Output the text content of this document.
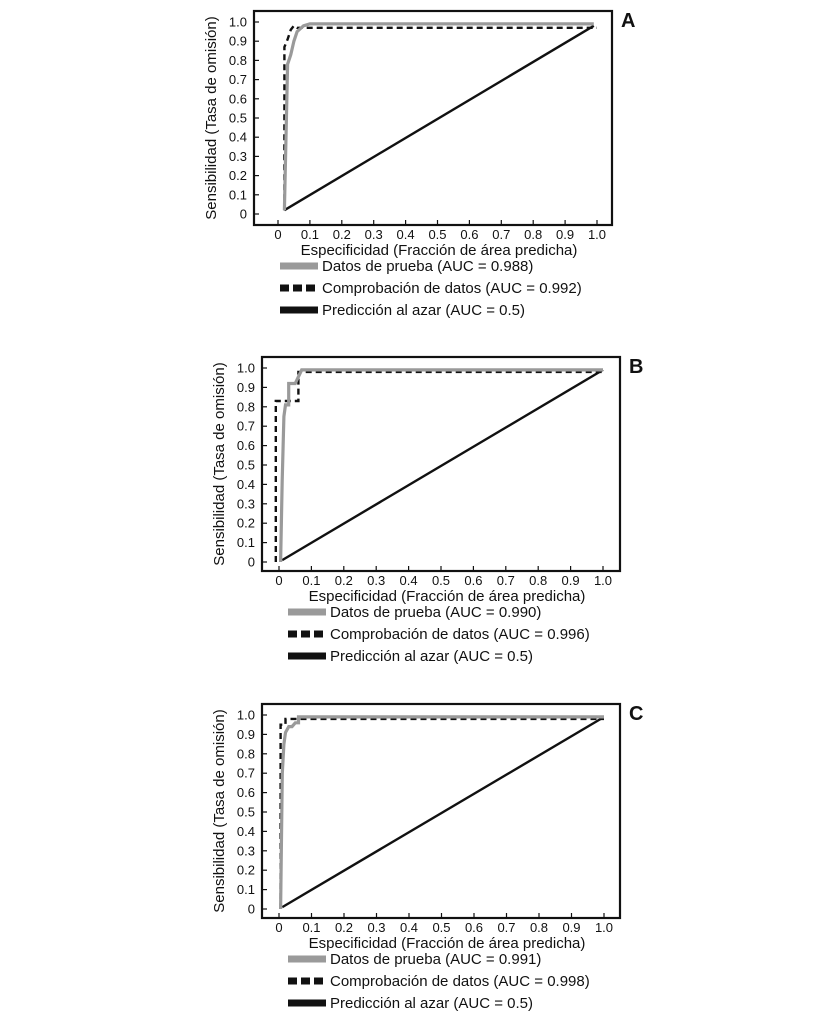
A
0 0.1 0.2 0.3 0.4 0.5 0.6 0.7 0.8 0.9 1.0
0
0.1
0.2
0.3
0.4
0.5
0.6
0.7
0.8
0.9
1.0
Especificidad (Fracción de área predicha)
Sensibilidad (Tasa de omisión)
Datos de prueba (AUC = 0.988)
Comprobación de datos (AUC = 0.992)
Predicción al azar (AUC = 0.5)
B
0 0.1 0.2 0.3 0.4 0.5 0.6 0.7 0.8 0.9 1.0
0
0.1
0.2
0.3
0.4
0.5
0.6
0.7
0.8
0.9
1.0
Especificidad (Fracción de área predicha)
Sensibilidad (Tasa de omisión)
Datos de prueba (AUC = 0.990)
Comprobación de datos (AUC = 0.996)
Predicción al azar (AUC = 0.5)
C
0 0.1 0.2 0.3 0.4 0.5 0.6 0.7 0.8 0.9 1.0
0
0.1
0.2
0.3
0.4
0.5
0.6
0.7
0.8
0.9
1.0
Especificidad (Fracción de área predicha)
Sensibilidad (Tasa de omisión)
Datos de prueba (AUC = 0.991)
Comprobación de datos (AUC = 0.998)
Predicción al azar (AUC = 0.5)
